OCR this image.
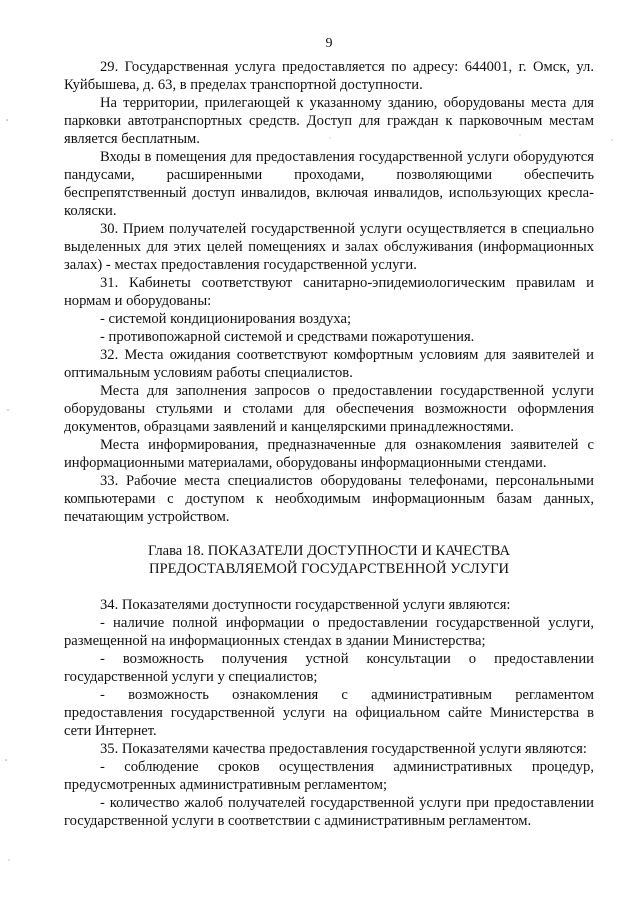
9

29. Государственная услуга предоставляется по адресу: 644001, г. Омск, ул. Куйбышева, д. 63, в пределах транспортной доступности.

На территории, прилегающей к указанному зданию, оборудованы места для парковки автотранспортных средств. Доступ для граждан к парковочным местам является бесплатным.

Входы в помещения для предоставления государственной услуги оборудуются пандусами, расширенными проходами, позволяющими обеспечить беспрепятственный доступ инвалидов, включая инвалидов, использующих кресла-коляски.

30. Прием получателей государственной услуги осуществляется в специально выделенных для этих целей помещениях и залах обслуживания (информационных залах) - местах предоставления государственной услуги.

31. Кабинеты соответствуют санитарно-эпидемиологическим правилам и нормам и оборудованы:

- системой кондиционирования воздуха;

- противопожарной системой и средствами пожаротушения.

32. Места ожидания соответствуют комфортным условиям для заявителей и оптимальным условиям работы специалистов.

Места для заполнения запросов о предоставлении государственной услуги оборудованы стульями и столами для обеспечения возможности оформления документов, образцами заявлений и канцелярскими принадлежностями.

Места информирования, предназначенные для ознакомления заявителей с информационными материалами, оборудованы информационными стендами.

33. Рабочие места специалистов оборудованы телефонами, персональными компьютерами с доступом к необходимым информационным базам данных, печатающим устройством.

Глава 18. ПОКАЗАТЕЛИ ДОСТУПНОСТИ И КАЧЕСТВА
ПРЕДОСТАВЛЯЕМОЙ ГОСУДАРСТВЕННОЙ УСЛУГИ

34. Показателями доступности государственной услуги являются:

- наличие полной информации о предоставлении государственной услуги, размещенной на информационных стендах в здании Министерства;

- возможность получения устной консультации о предоставлении государственной услуги у специалистов;

- возможность ознакомления с административным регламентом предоставления государственной услуги на официальном сайте Министерства в сети Интернет.

35. Показателями качества предоставления государственной услуги являются:

- соблюдение сроков осуществления административных процедур, предусмотренных административным регламентом;

- количество жалоб получателей государственной услуги при предоставлении государственной услуги в соответствии с административным регламентом.
